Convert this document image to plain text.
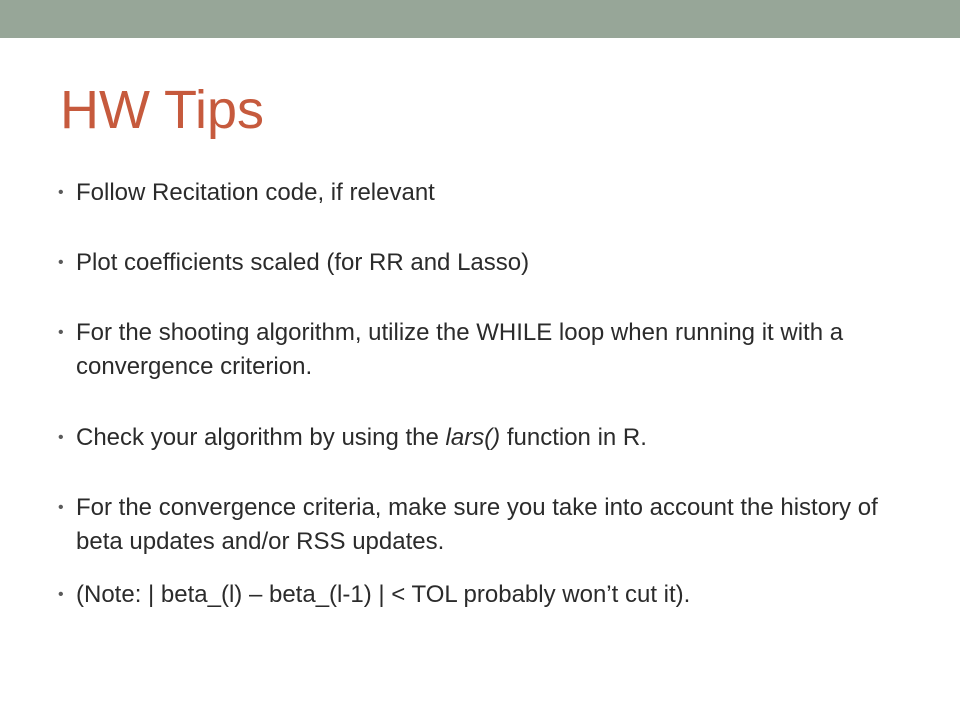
HW Tips
• Follow Recitation code, if relevant
• Plot coefficients scaled (for RR and Lasso)
• For the shooting algorithm, utilize the WHILE loop when running it with a convergence criterion.
• Check your algorithm by using the lars() function in R.
• For the convergence criteria, make sure you take into account the history of beta updates and/or RSS updates.
• (Note: | beta_(l) – beta_(l-1) | < TOL probably won’t cut it).
